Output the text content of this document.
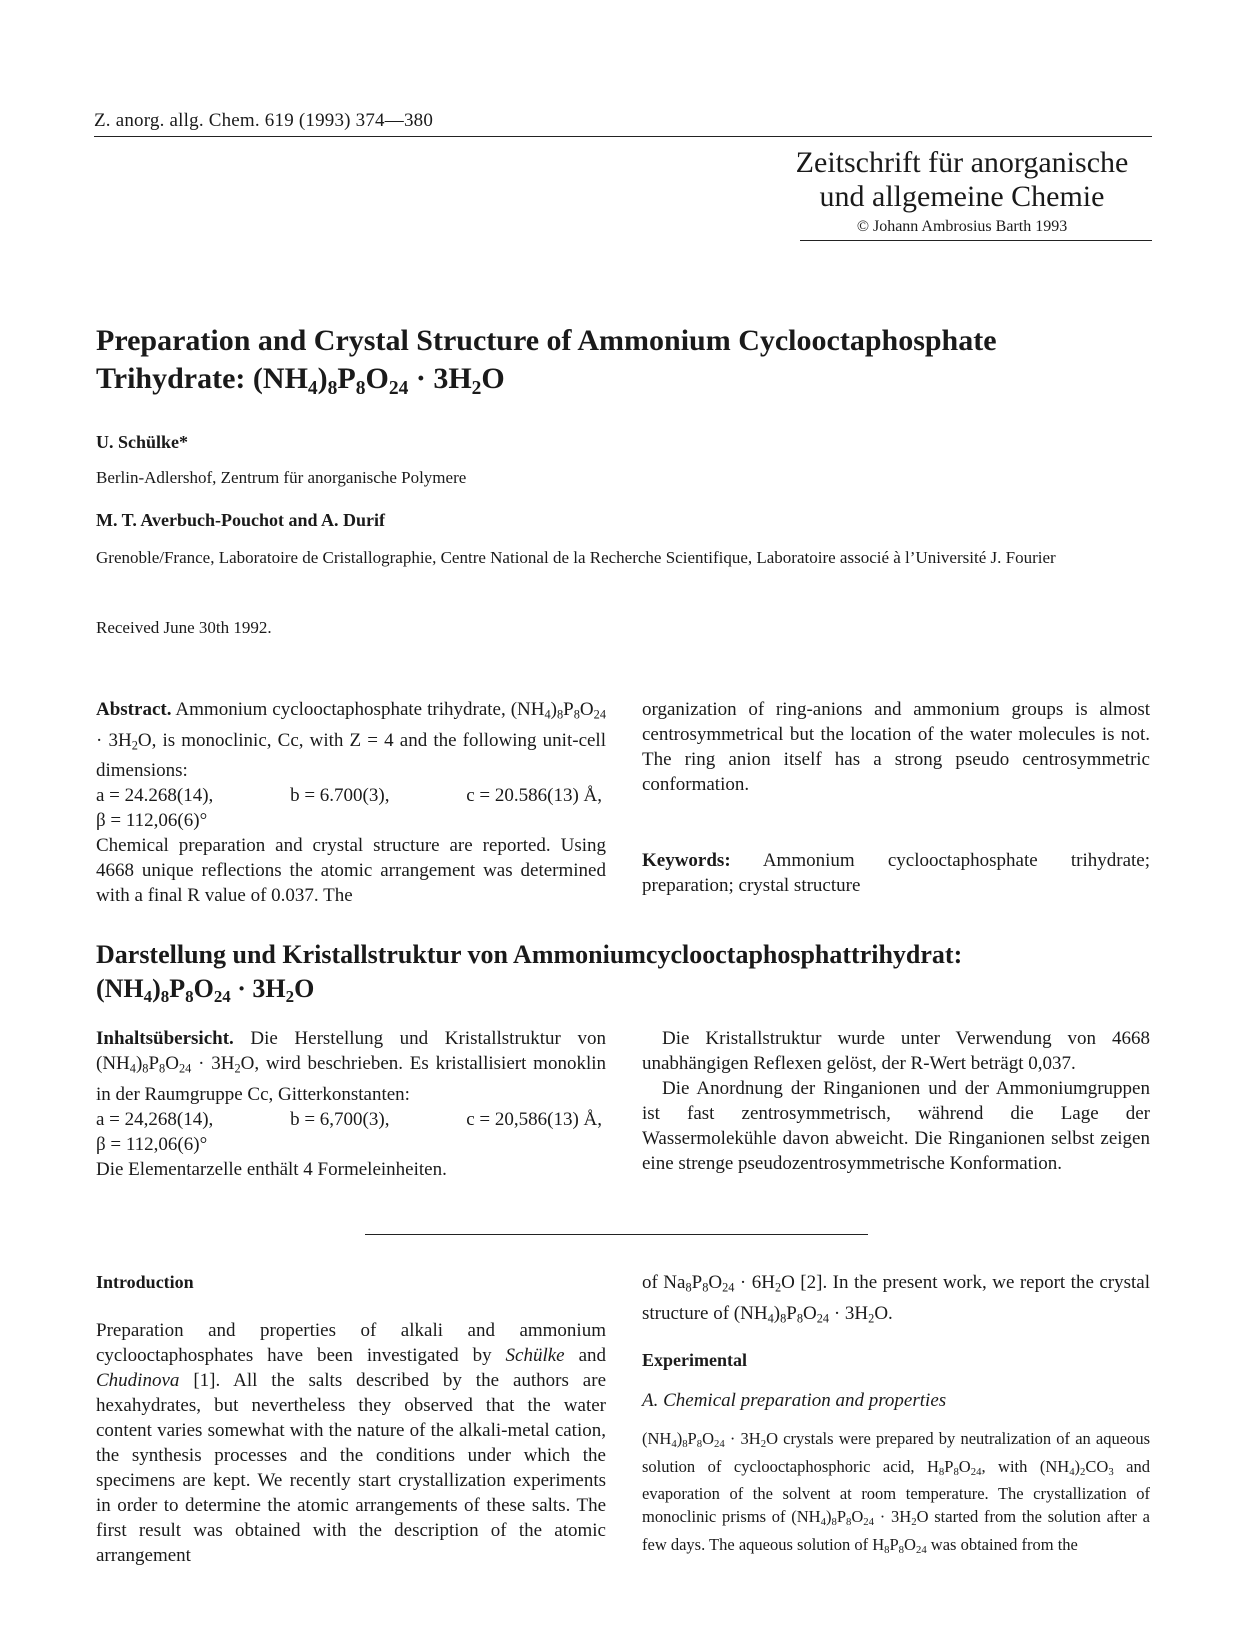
Z. anorg. allg. Chem. 619 (1993) 374—380
Zeitschrift für anorganische
und allgemeine Chemie
© Johann Ambrosius Barth 1993
Preparation and Crystal Structure of Ammonium Cyclooctaphosphate
Trihydrate: $(NH_4)_8P_8O_{24} \cdot 3H_2O$
U. Schülke*
Berlin-Adlershof, Zentrum für anorganische Polymere
M. T. Averbuch-Pouchot and A. Durif
Grenoble/France, Laboratoire de Cristallographie, Centre National de la Recherche Scientifique, Laboratoire associé à l’Université J. Fourier
Received June 30th 1992.
Abstract. Ammonium cyclooctaphosphate trihydrate, $(NH_4)_8P_8O_{24} \cdot 3H_2O$, is monoclinic, Cc, with Z = 4 and the following unit-cell dimensions:
a = 24.268(14),	b = 6.700(3),	c = 20.586(13) Å,
β = 112,06(6)°
Chemical preparation and crystal structure are reported. Using 4668 unique reflections the atomic arrangement was determined with a final R value of 0.037. The
organization of ring-anions and ammonium groups is almost centrosymmetrical but the location of the water molecules is not. The ring anion itself has a strong pseudo centrosymmetric conformation.
Keywords: Ammonium cyclooctaphosphate trihydrate; preparation; crystal structure
Darstellung und Kristallstruktur von Ammoniumcyclooctaphosphattrihydrat:
$(NH_4)_8P_8O_{24} \cdot 3H_2O$
Inhaltsübersicht. Die Herstellung und Kristallstruktur von $(NH_4)_8P_8O_{24} \cdot 3H_2O$, wird beschrieben. Es kristallisiert monoklin in der Raumgruppe Cc, Gitterkonstanten:
a = 24,268(14),	b = 6,700(3),	c = 20,586(13) Å,
β = 112,06(6)°
Die Elementarzelle enthält 4 Formeleinheiten.
Die Kristallstruktur wurde unter Verwendung von 4668 unabhängigen Reflexen gelöst, der R-Wert beträgt 0,037.
Die Anordnung der Ringanionen und der Ammoniumgruppen ist fast zentrosymmetrisch, während die Lage der Wassermolekühle davon abweicht. Die Ringanionen selbst zeigen eine strenge pseudozentrosymmetrische Konformation.
Introduction
Preparation and properties of alkali and ammonium cyclooctaphosphates have been investigated by Schülke and Chudinova [1]. All the salts described by the authors are hexahydrates, but nevertheless they observed that the water content varies somewhat with the nature of the alkali-metal cation, the synthesis processes and the conditions under which the specimens are kept. We recently start crystallization experiments in order to determine the atomic arrangements of these salts. The first result was obtained with the description of the atomic arrangement
of $Na_8P_8O_{24} \cdot 6H_2O$ [2]. In the present work, we report the crystal structure of $(NH_4)_8P_8O_{24} \cdot 3H_2O$.
Experimental
A. Chemical preparation and properties
$(NH_4)_8P_8O_{24} \cdot 3H_2O$ crystals were prepared by neutralization of an aqueous solution of cyclooctaphosphoric acid, $H_8P_8O_{24}$, with $(NH_4)_2CO_3$ and evaporation of the solvent at room temperature. The crystallization of monoclinic prisms of $(NH_4)_8P_8O_{24} \cdot 3H_2O$ started from the solution after a few days. The aqueous solution of $H_8P_8O_{24}$ was obtained from the
